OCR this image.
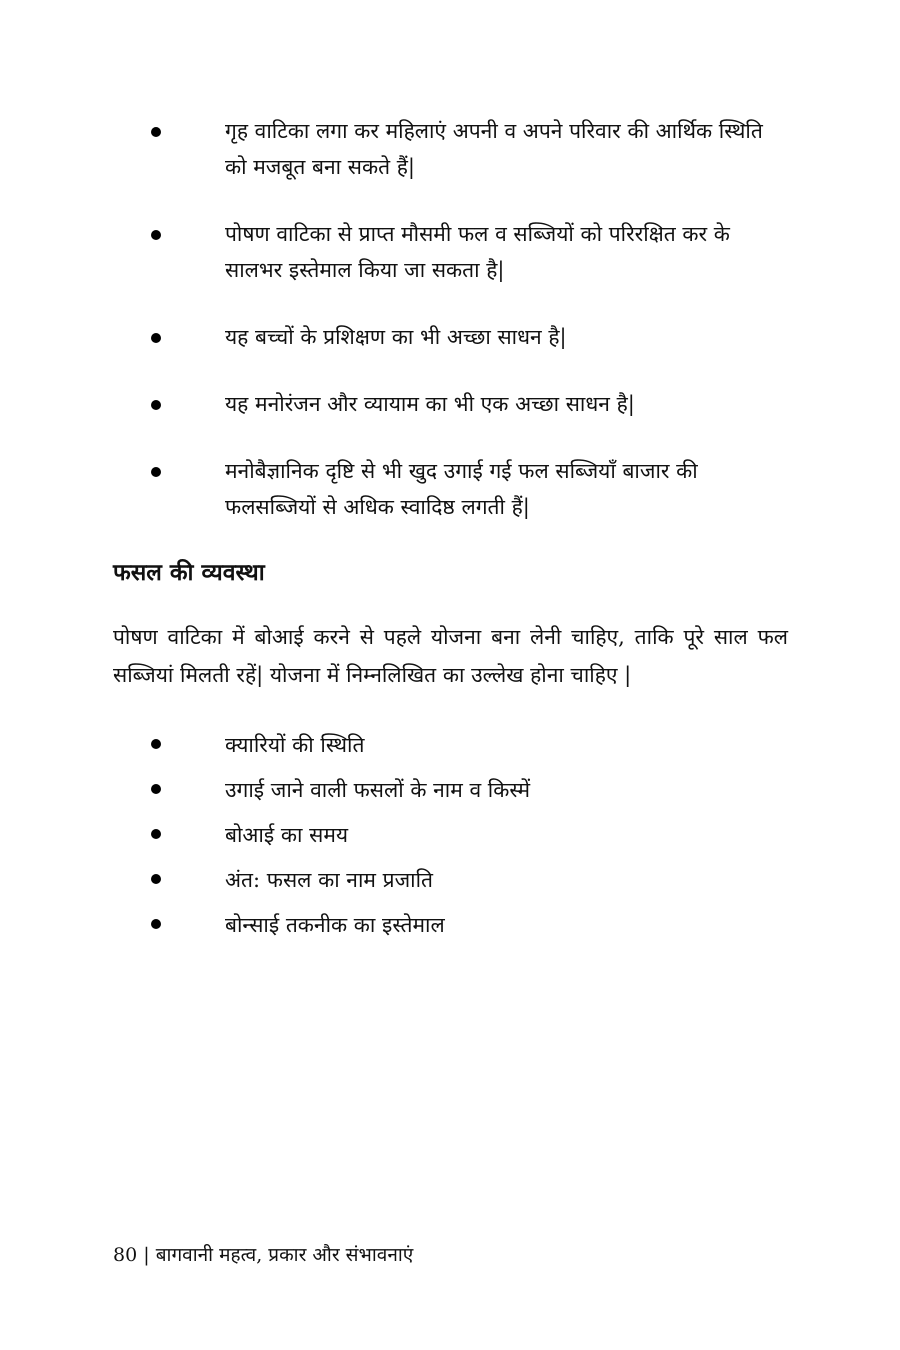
गृह वाटिका लगा कर महिलाएं अपनी व अपने परिवार की आर्थिक स्थिति को मजबूत बना सकते हैं|
पोषण वाटिका से प्राप्त मौसमी फल व सब्जियों को परिरक्षित कर के सालभर इस्तेमाल किया जा सकता है|
यह बच्चों के प्रशिक्षण का भी अच्छा साधन है|
यह मनोरंजन और व्यायाम का भी एक अच्छा साधन है|
मनोबैज्ञानिक दृष्टि से भी खुद उगाई गई फल सब्जियाँ बाजार की फलसब्जियों से अधिक स्वादिष्ठ लगती हैं|
फसल की व्यवस्था

पोषण वाटिका में बोआई करने से पहले योजना बना लेनी चाहिए, ताकि पूरे साल फल सब्जियां मिलती रहें| योजना में निम्नलिखित का उल्लेख होना चाहिए |

क्यारियों की स्थिति
उगाई जाने वाली फसलों के नाम व किस्में
बोआई का समय
अंत: फसल का नाम प्रजाति
बोन्साई तकनीक का इस्तेमाल
80 | बागवानी महत्व, प्रकार और संभावनाएं
